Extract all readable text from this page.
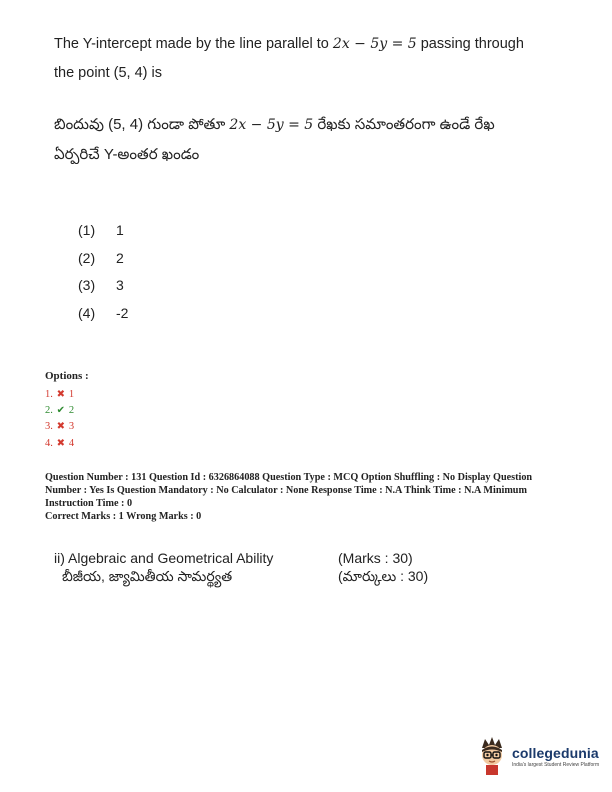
The Y-intercept made by the line parallel to 2x − 5y = 5 passing through
the point (5, 4) is
బిందువు (5, 4) గుండా పోతూ 2x − 5y = 5 రేఖకు సమాంతరంగా ఉండే రేఖ
ఏర్పరిచే Y-అంతర ఖండం
(1)	1
(2)	2
(3)	3
(4)	-2
Options :
1. ✖ 1
2. ✔ 2
3. ✖ 3
4. ✖ 4
Question Number : 131 Question Id : 6326864088 Question Type : MCQ Option Shuffling : No Display Question
Number : Yes Is Question Mandatory : No Calculator : None Response Time : N.A Think Time : N.A Minimum
Instruction Time : 0
Correct Marks : 1 Wrong Marks : 0
ii) Algebraic and Geometrical Ability
బీజీయ, జ్యామితీయ సామర్థ్యత
(Marks : 30)
(మార్కులు : 30)
collegedunia
India's largest Student Review Platform
